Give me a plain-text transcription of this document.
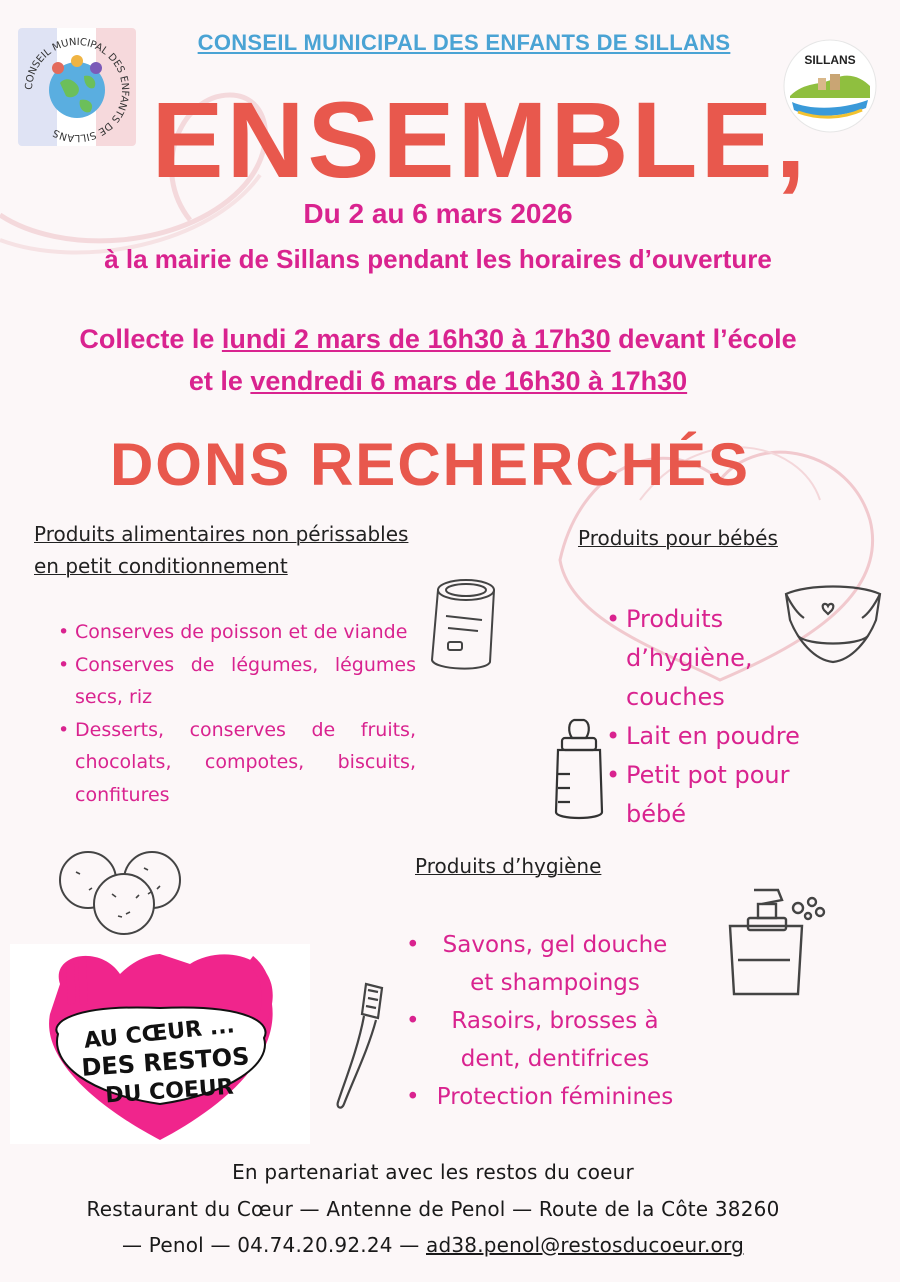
CONSEIL MUNICIPAL DES ENFANTS DE SILLANS
CONSEIL MUNICIPAL DES ENFANTS DE SILLANS
SILLANS
ENSEMBLE,
Du 2 au 6 mars 2026
à la mairie de Sillans pendant les horaires d’ouverture
Collecte le lundi 2 mars de 16h30 à 17h30 devant l’école
et le vendredi 6 mars de 16h30 à 17h30
DONS RECHERCHÉS
Produits alimentaires non périssables
en petit conditionnement
• Conserves de poisson et de viande
• Conserves de légumes, légumes secs, riz
• Desserts, conserves de fruits, chocolats, compotes, biscuits, confitures
Produits pour bébés
• Produits d’hygiène, couches
• Lait en poudre
• Petit pot pour bébé
Produits d’hygiène
• Savons, gel douche et shampoings
• Rasoirs, brosses à dent, dentifrices
• Protection féminines
AU CŒUR ...
DES RESTOS
DU COEUR
En partenariat avec les restos du coeur
Restaurant du Cœur — Antenne de Penol — Route de la Côte 38260
— Penol — 04.74.20.92.24 — ad38.penol@restosducoeur.org
